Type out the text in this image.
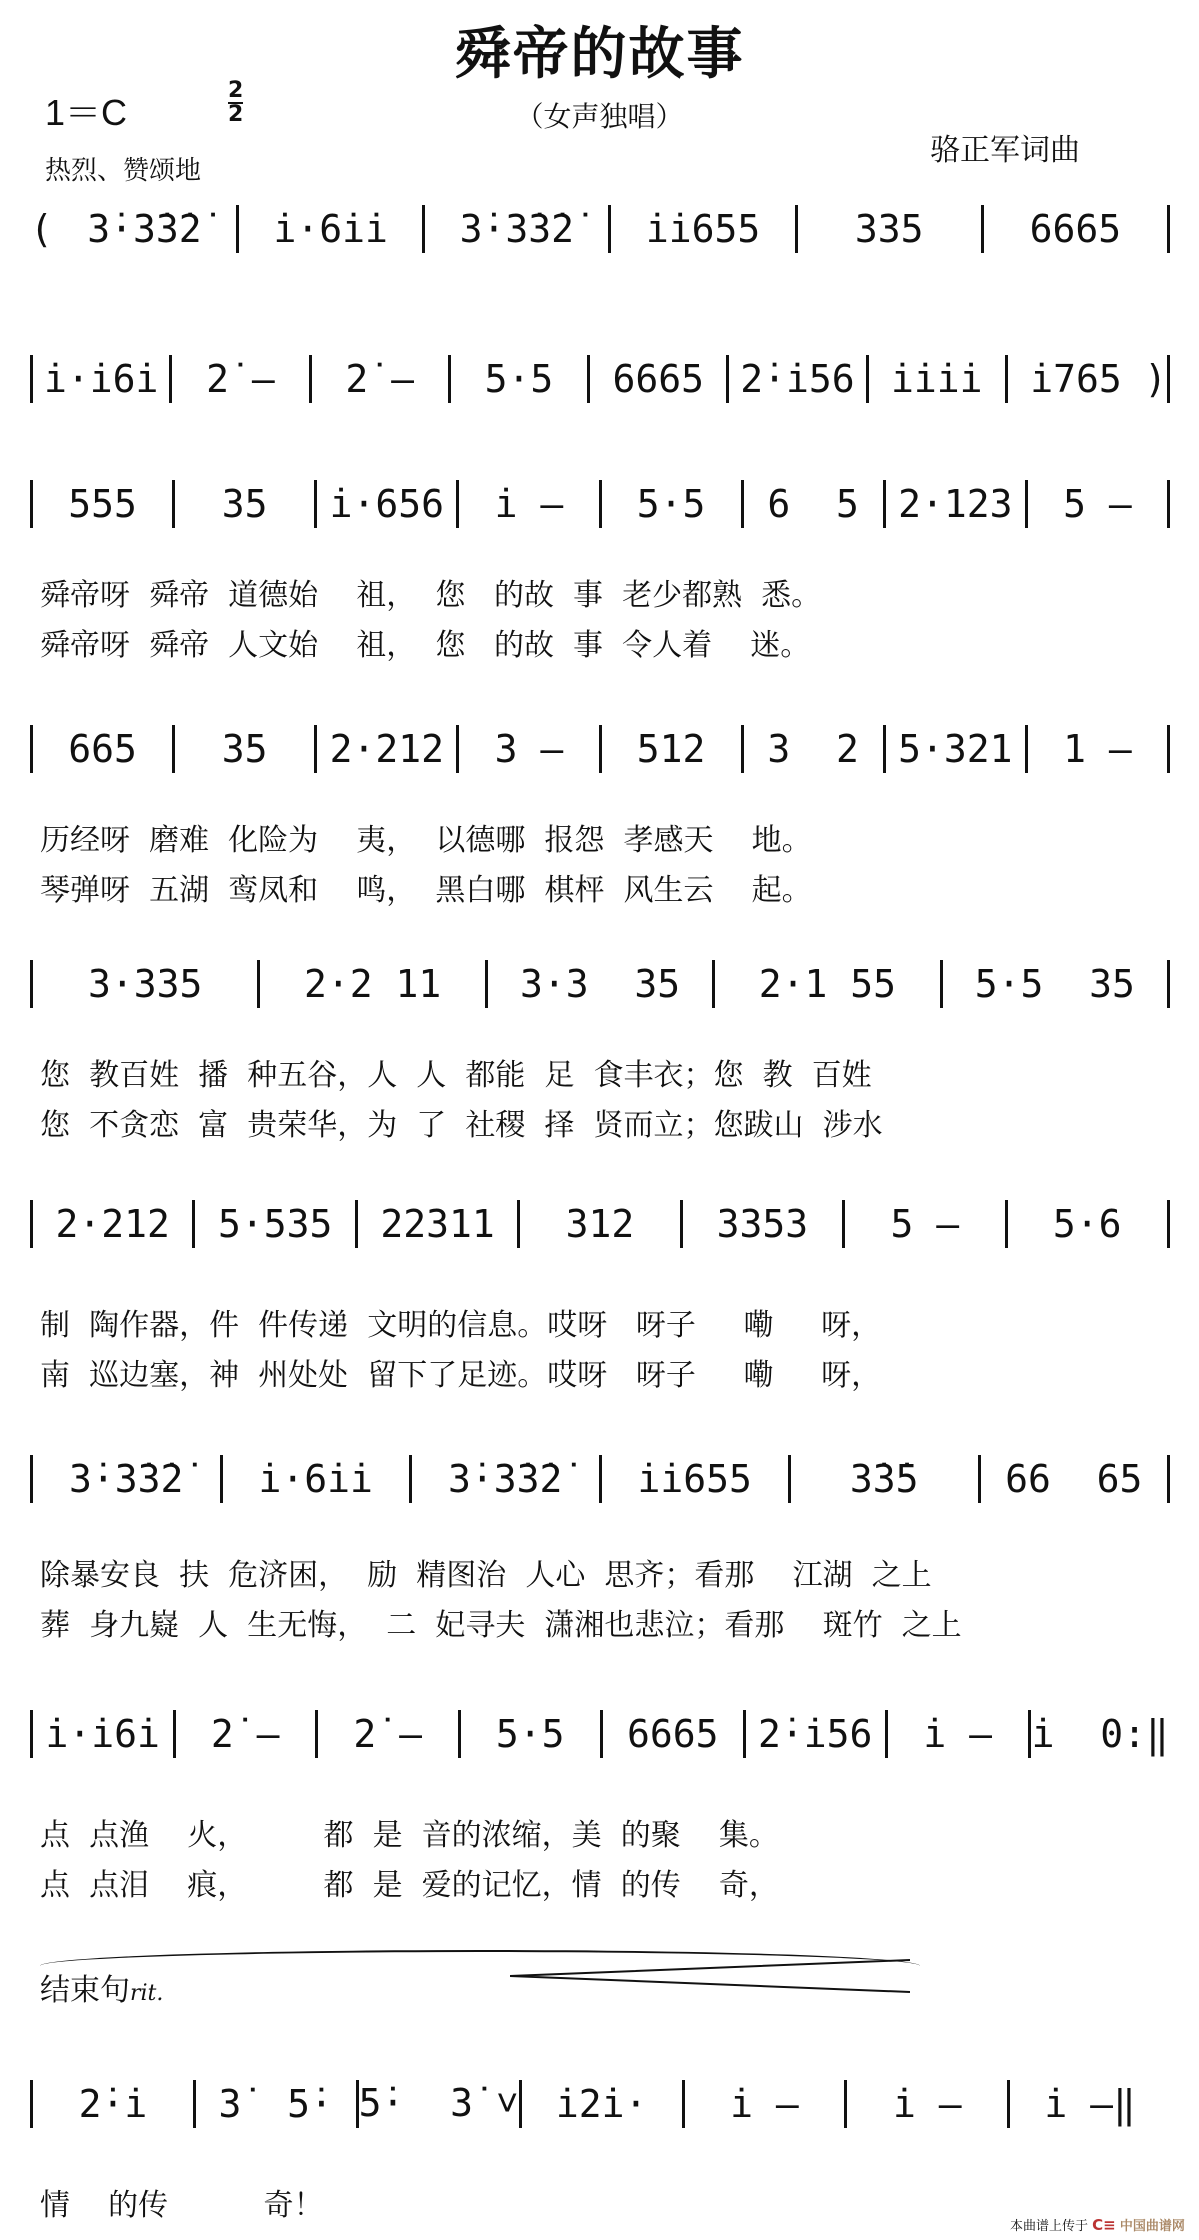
舜帝的故事
1＝C
2
2	（女声独唱）
骆正军词曲
热烈、赞颂地
( 3̇·3̇3̇2̇	i̇·6i̇i̇	3̇·3̇3̇2̇	i̇i̇655	335	6665
i̇·i̇6i̇	2̇ –	2̇ –	5·5	6665 2̇·i̇56 i̇i̇i̇i̇	i̇765 )
555	35	i̇·656	i̇ –	5·5	6  5	2·123	5 –
舜帝呀  舜帝  道德始    祖，  您   的故  事  老少都熟  悉。
舜帝呀  舜帝  人文始    祖，  您   的故  事  令人着    迷。
665	35	2·212	3 –	512	3  2	5·321	1 –
历经呀  磨难  化险为    夷，  以德哪  报怨  孝感天    地。
琴弹呀  五湖  鸾凤和    鸣，  黑白哪  棋枰  风生云    起。
3·335	2·2 11	3·3  35	2·1 55	5·5  35
您  教百姓  播  种五谷，人  人  都能  足  食丰衣；您  教  百姓
您  不贪恋  富  贵荣华，为  了  社稷  择  贤而立；您跋山  涉水
2·212	5·535	22311	312	3353	5 –	5·6
制  陶作器，件  件传递  文明的信息。哎呀   呀子     嘞     呀，
南  巡边塞，神  州处处  留下了足迹。哎呀   呀子     嘞     呀，
3̇·3̇3̇2̇	i̇·6i̇i̇	3̇·3̇3̇2̇	i̇i̇655	3̇3̇5	66  65
除暴安良  扶  危济困，  励  精图治  人心  思齐；看那    江湖  之上
葬  身九嶷  人  生无悔，  二  妃寻夫  潇湘也悲泣；看那    斑竹  之上
i̇·i̇6i̇	2̇ –	2̇ –	5·5	6665	2̇·i̇56	i̇ –	i̇  0:‖
点  点渔    火，        都  是  音的浓缩，美  的聚    集。
点  点泪    痕，        都  是  爱的记忆，情  的传    奇，
2̇·i̇	3̇  5̇· 5̇·  3̇ ˅ i̇2̇i̇·	i̇ –	i̇ –	i̇ –‖
情    的传          奇！
结束句rit.
本曲谱上传于 C≡ 中国曲谱网
